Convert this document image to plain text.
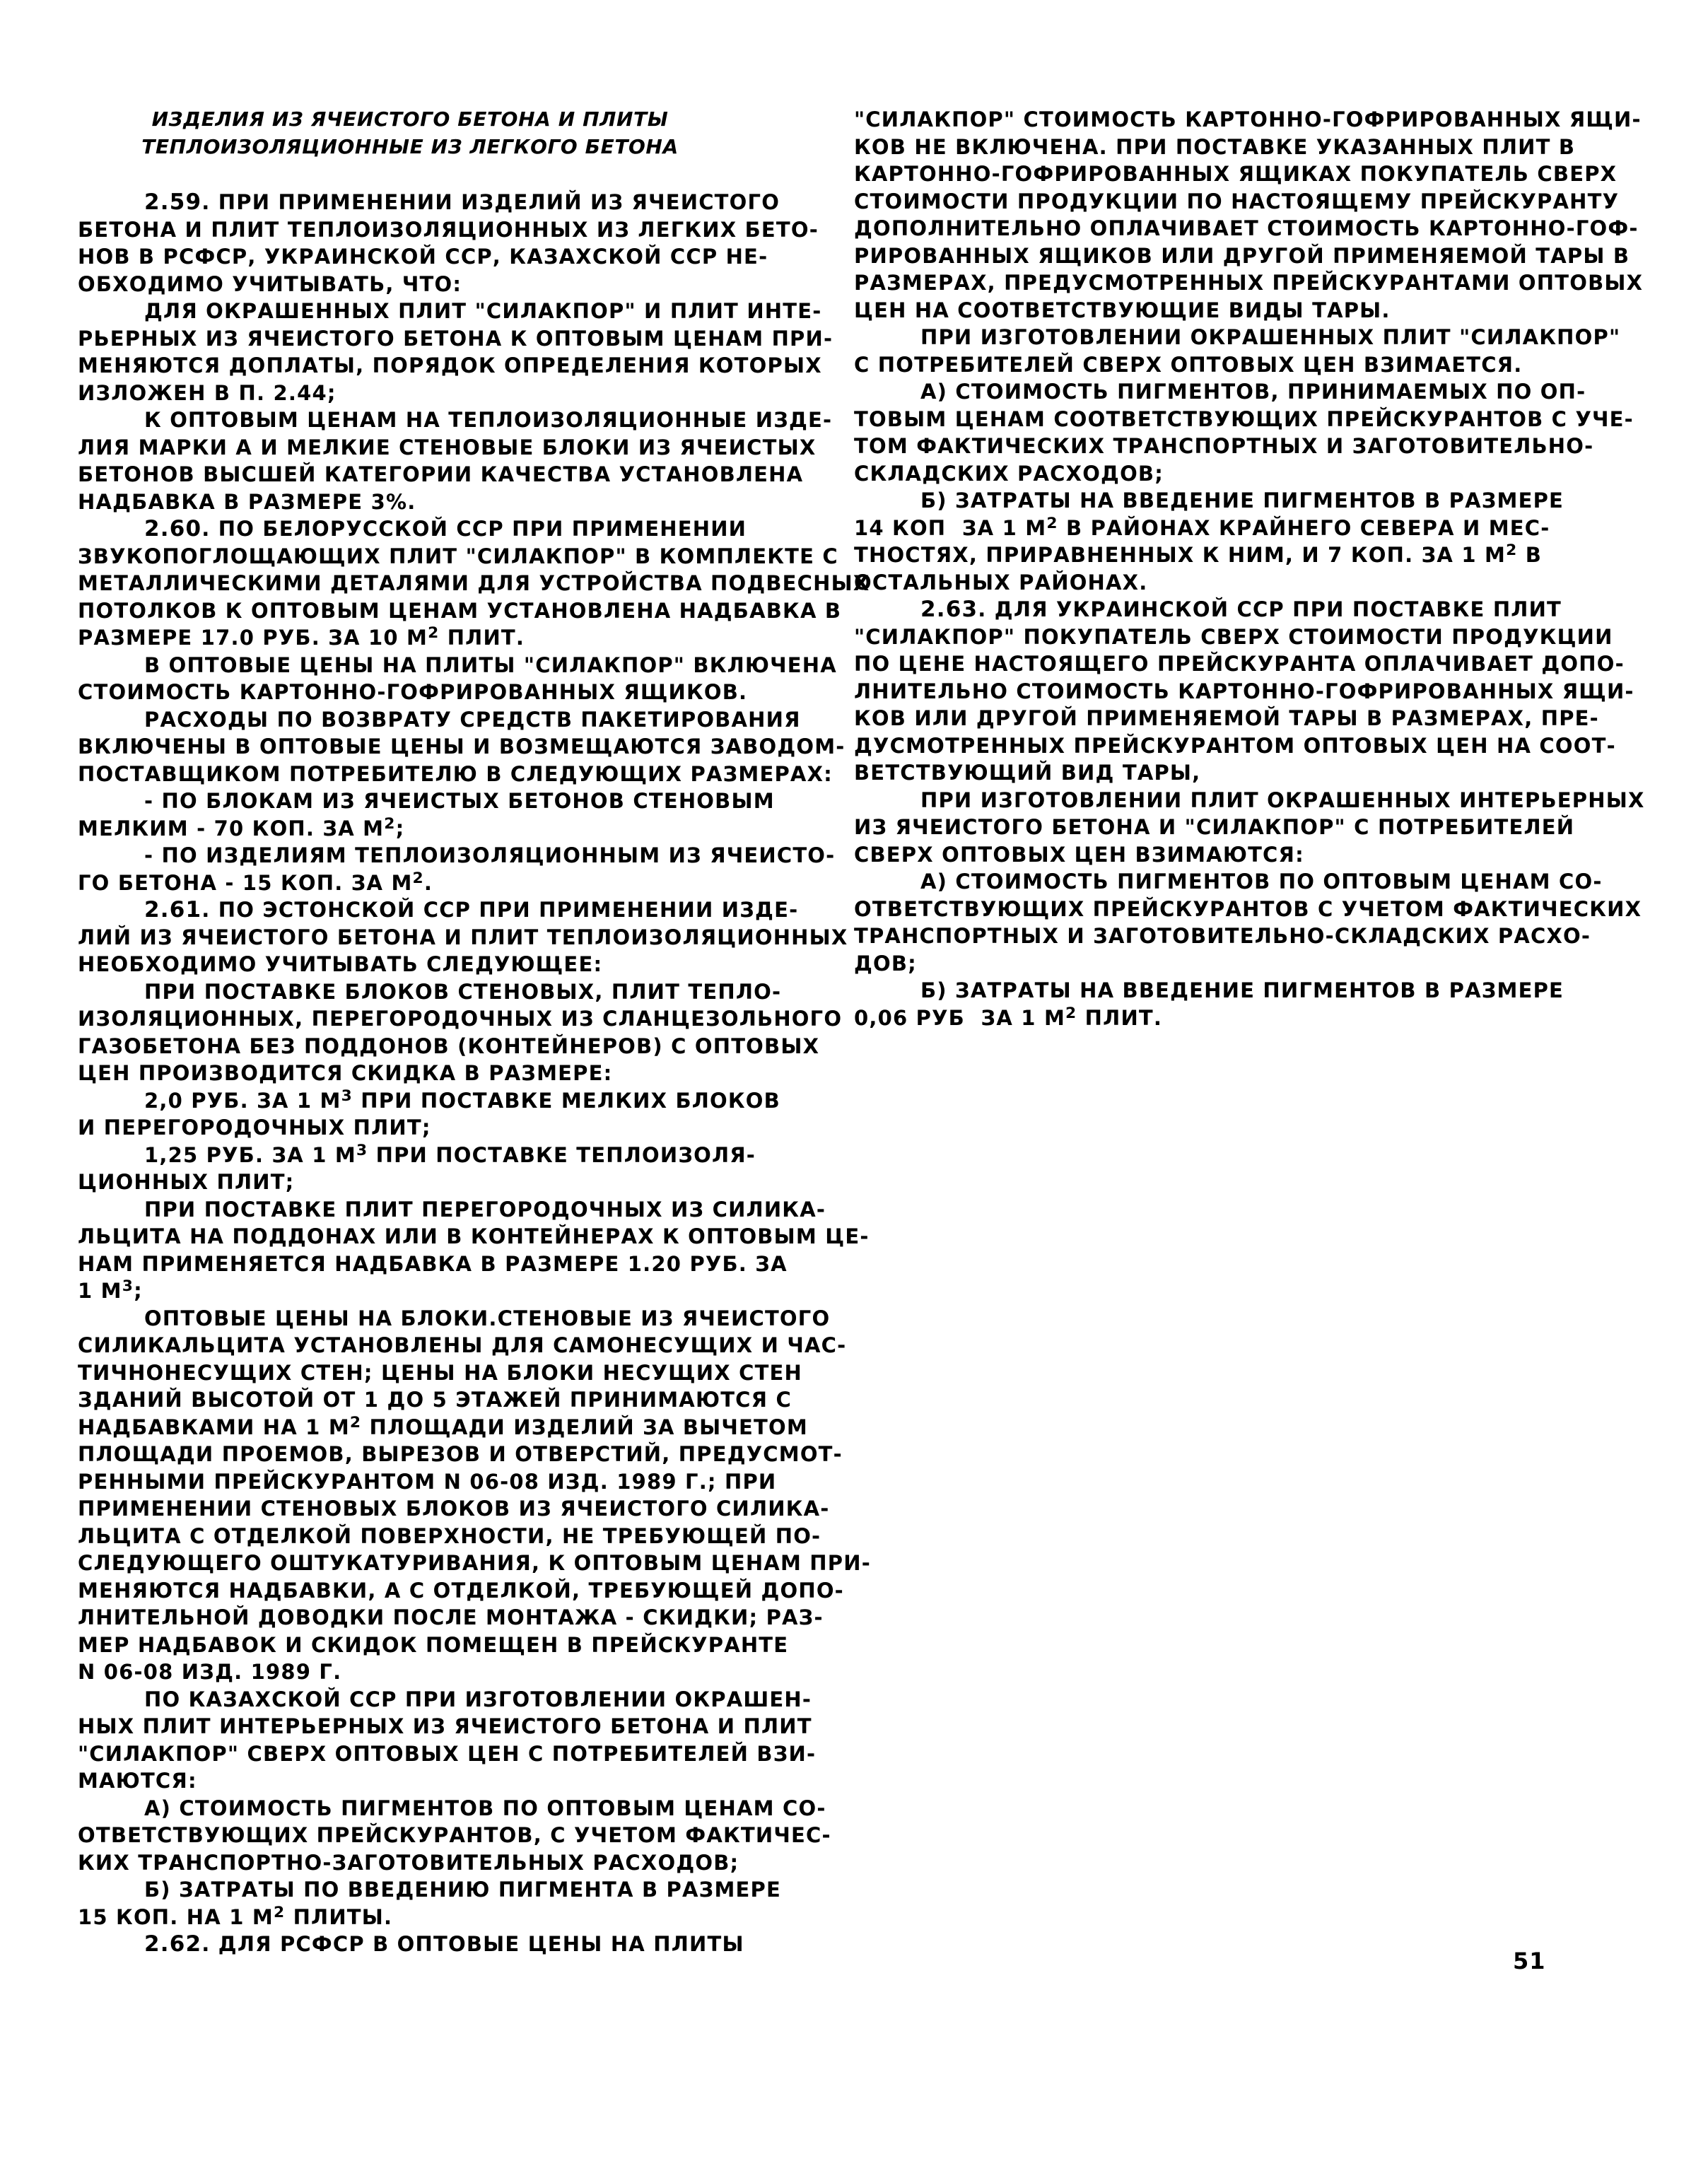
ИЗДЕЛИЯ ИЗ ЯЧЕИСТОГО БЕТОНА И ПЛИТЫ
ТЕПЛОИЗОЛЯЦИОННЫЕ ИЗ ЛЕГКОГО БЕТОНА
2.59. ПРИ ПРИМЕНЕНИИ ИЗДЕЛИЙ ИЗ ЯЧЕИСТОГО
БЕТОНА И ПЛИТ ТЕПЛОИЗОЛЯЦИОННЫХ ИЗ ЛЕГКИХ БЕТО-
НОВ В РСФСР, УКРАИНСКОЙ ССР, КАЗАХСКОЙ ССР НЕ-
ОБХОДИМО УЧИТЫВАТЬ, ЧТО:
ДЛЯ ОКРАШЕННЫХ ПЛИТ "СИЛАКПОР" И ПЛИТ ИНТЕ-
РЬЕРНЫХ ИЗ ЯЧЕИСТОГО БЕТОНА К ОПТОВЫМ ЦЕНАМ ПРИ-
МЕНЯЮТСЯ ДОПЛАТЫ, ПОРЯДОК ОПРЕДЕЛЕНИЯ КОТОРЫХ
ИЗЛОЖЕН В П. 2.44;
К ОПТОВЫМ ЦЕНАМ НА ТЕПЛОИЗОЛЯЦИОННЫЕ ИЗДЕ-
ЛИЯ МАРКИ А И МЕЛКИЕ СТЕНОВЫЕ БЛОКИ ИЗ ЯЧЕИСТЫХ
БЕТОНОВ ВЫСШЕЙ КАТЕГОРИИ КАЧЕСТВА УСТАНОВЛЕНА
НАДБАВКА В РАЗМЕРЕ 3%.
2.60. ПО БЕЛОРУССКОЙ ССР ПРИ ПРИМЕНЕНИИ
ЗВУКОПОГЛОЩАЮЩИХ ПЛИТ "СИЛАКПОР" В КОМПЛЕКТЕ С
МЕТАЛЛИЧЕСКИМИ ДЕТАЛЯМИ ДЛЯ УСТРОЙСТВА ПОДВЕСНЫХ
ПОТОЛКОВ К ОПТОВЫМ ЦЕНАМ УСТАНОВЛЕНА НАДБАВКА В
РАЗМЕРЕ 17.0 РУБ. ЗА 10 $М^2$ ПЛИТ.
В ОПТОВЫЕ ЦЕНЫ НА ПЛИТЫ "СИЛАКПОР" ВКЛЮЧЕНА
СТОИМОСТЬ КАРТОННО-ГОФРИРОВАННЫХ ЯЩИКОВ.
РАСХОДЫ ПО ВОЗВРАТУ СРЕДСТВ ПАКЕТИРОВАНИЯ
ВКЛЮЧЕНЫ В ОПТОВЫЕ ЦЕНЫ И ВОЗМЕЩАЮТСЯ ЗАВОДОМ-
ПОСТАВЩИКОМ ПОТРЕБИТЕЛЮ В СЛЕДУЮЩИХ РАЗМЕРАХ:
- ПО БЛОКАМ ИЗ ЯЧЕИСТЫХ БЕТОНОВ СТЕНОВЫМ
МЕЛКИМ - 70 КОП. ЗА $М^2$;
- ПО ИЗДЕЛИЯМ ТЕПЛОИЗОЛЯЦИОННЫМ ИЗ ЯЧЕИСТО-
ГО БЕТОНА - 15 КОП. ЗА $М^2$.
2.61. ПО ЭСТОНСКОЙ ССР ПРИ ПРИМЕНЕНИИ ИЗДЕ-
ЛИЙ ИЗ ЯЧЕИСТОГО БЕТОНА И ПЛИТ ТЕПЛОИЗОЛЯЦИОННЫХ
НЕОБХОДИМО УЧИТЫВАТЬ СЛЕДУЮЩЕЕ:
ПРИ ПОСТАВКЕ БЛОКОВ СТЕНОВЫХ, ПЛИТ ТЕПЛО-
ИЗОЛЯЦИОННЫХ, ПЕРЕГОРОДОЧНЫХ ИЗ СЛАНЦЕЗОЛЬНОГО
ГАЗОБЕТОНА БЕЗ ПОДДОНОВ (КОНТЕЙНЕРОВ) С ОПТОВЫХ
ЦЕН ПРОИЗВОДИТСЯ СКИДКА В РАЗМЕРЕ:
2,0 РУБ. ЗА 1 $М^3$ ПРИ ПОСТАВКЕ МЕЛКИХ БЛОКОВ
И ПЕРЕГОРОДОЧНЫХ ПЛИТ;
1,25 РУБ. ЗА 1 $М^3$ ПРИ ПОСТАВКЕ ТЕПЛОИЗОЛЯ-
ЦИОННЫХ ПЛИТ;
ПРИ ПОСТАВКЕ ПЛИТ ПЕРЕГОРОДОЧНЫХ ИЗ СИЛИКА-
ЛЬЦИТА НА ПОДДОНАХ ИЛИ В КОНТЕЙНЕРАХ К ОПТОВЫМ ЦЕ-
НАМ ПРИМЕНЯЕТСЯ НАДБАВКА В РАЗМЕРЕ 1.20 РУБ. ЗА
1 $М^3$;
ОПТОВЫЕ ЦЕНЫ НА БЛОКИ.СТЕНОВЫЕ ИЗ ЯЧЕИСТОГО
СИЛИКАЛЬЦИТА УСТАНОВЛЕНЫ ДЛЯ САМОНЕСУЩИХ И ЧАС-
ТИЧНОНЕСУЩИХ СТЕН; ЦЕНЫ НА БЛОКИ НЕСУЩИХ СТЕН
ЗДАНИЙ ВЫСОТОЙ ОТ 1 ДО 5 ЭТАЖЕЙ ПРИНИМАЮТСЯ С
НАДБАВКАМИ НА 1 $М^2$ ПЛОЩАДИ ИЗДЕЛИЙ ЗА ВЫЧЕТОМ
ПЛОЩАДИ ПРОЕМОВ, ВЫРЕЗОВ И ОТВЕРСТИЙ, ПРЕДУСМОТ-
РЕННЫМИ ПРЕЙСКУРАНТОМ N 06-08 ИЗД. 1989 Г.; ПРИ
ПРИМЕНЕНИИ СТЕНОВЫХ БЛОКОВ ИЗ ЯЧЕИСТОГО СИЛИКА-
ЛЬЦИТА С ОТДЕЛКОЙ ПОВЕРХНОСТИ, НЕ ТРЕБУЮЩЕЙ ПО-
СЛЕДУЮЩЕГО ОШТУКАТУРИВАНИЯ, К ОПТОВЫМ ЦЕНАМ ПРИ-
МЕНЯЮТСЯ НАДБАВКИ, А С ОТДЕЛКОЙ, ТРЕБУЮЩЕЙ ДОПО-
ЛНИТЕЛЬНОЙ ДОВОДКИ ПОСЛЕ МОНТАЖА - СКИДКИ; РАЗ-
МЕР НАДБАВОК И СКИДОК ПОМЕЩЕН В ПРЕЙСКУРАНТЕ
N 06-08 ИЗД. 1989 Г.
ПО КАЗАХСКОЙ ССР ПРИ ИЗГОТОВЛЕНИИ ОКРАШЕН-
НЫХ ПЛИТ ИНТЕРЬЕРНЫХ ИЗ ЯЧЕИСТОГО БЕТОНА И ПЛИТ
"СИЛАКПОР" СВЕРХ ОПТОВЫХ ЦЕН С ПОТРЕБИТЕЛЕЙ ВЗИ-
МАЮТСЯ:
А) СТОИМОСТЬ ПИГМЕНТОВ ПО ОПТОВЫМ ЦЕНАМ СО-
ОТВЕТСТВУЮЩИХ ПРЕЙСКУРАНТОВ, С УЧЕТОМ ФАКТИЧЕС-
КИХ ТРАНСПОРТНО-ЗАГОТОВИТЕЛЬНЫХ РАСХОДОВ;
Б) ЗАТРАТЫ ПО ВВЕДЕНИЮ ПИГМЕНТА В РАЗМЕРЕ
15 КОП. НА 1 $М^2$ ПЛИТЫ.
2.62. ДЛЯ РСФСР В ОПТОВЫЕ ЦЕНЫ НА ПЛИТЫ
"СИЛАКПОР" СТОИМОСТЬ КАРТОННО-ГОФРИРОВАННЫХ ЯЩИ-
КОВ НЕ ВКЛЮЧЕНА. ПРИ ПОСТАВКЕ УКАЗАННЫХ ПЛИТ В
КАРТОННО-ГОФРИРОВАННЫХ ЯЩИКАХ ПОКУПАТЕЛЬ СВЕРХ
СТОИМОСТИ ПРОДУКЦИИ ПО НАСТОЯЩЕМУ ПРЕЙСКУРАНТУ
ДОПОЛНИТЕЛЬНО ОПЛАЧИВАЕТ СТОИМОСТЬ КАРТОННО-ГОФ-
РИРОВАННЫХ ЯЩИКОВ ИЛИ ДРУГОЙ ПРИМЕНЯЕМОЙ ТАРЫ В
РАЗМЕРАХ, ПРЕДУСМОТРЕННЫХ ПРЕЙСКУРАНТАМИ ОПТОВЫХ
ЦЕН НА СООТВЕТСТВУЮЩИЕ ВИДЫ ТАРЫ.
ПРИ ИЗГОТОВЛЕНИИ ОКРАШЕННЫХ ПЛИТ "СИЛАКПОР"
С ПОТРЕБИТЕЛЕЙ СВЕРХ ОПТОВЫХ ЦЕН ВЗИМАЕТСЯ.
А) СТОИМОСТЬ ПИГМЕНТОВ, ПРИНИМАЕМЫХ ПО ОП-
ТОВЫМ ЦЕНАМ СООТВЕТСТВУЮЩИХ ПРЕЙСКУРАНТОВ С УЧЕ-
ТОМ ФАКТИЧЕСКИХ ТРАНСПОРТНЫХ И ЗАГОТОВИТЕЛЬНО-
СКЛАДСКИХ РАСХОДОВ;
Б) ЗАТРАТЫ НА ВВЕДЕНИЕ ПИГМЕНТОВ В РАЗМЕРЕ
14 КОП  ЗА 1 $М^2$ В РАЙОНАХ КРАЙНЕГО СЕВЕРА И МЕС-
ТНОСТЯХ, ПРИРАВНЕННЫХ К НИМ, И 7 КОП. ЗА 1 $М^2$ В
ОСТАЛЬНЫХ РАЙОНАХ.
2.63. ДЛЯ УКРАИНСКОЙ ССР ПРИ ПОСТАВКЕ ПЛИТ
"СИЛАКПОР" ПОКУПАТЕЛЬ СВЕРХ СТОИМОСТИ ПРОДУКЦИИ
ПО ЦЕНЕ НАСТОЯЩЕГО ПРЕЙСКУРАНТА ОПЛАЧИВАЕТ ДОПО-
ЛНИТЕЛЬНО СТОИМОСТЬ КАРТОННО-ГОФРИРОВАННЫХ ЯЩИ-
КОВ ИЛИ ДРУГОЙ ПРИМЕНЯЕМОЙ ТАРЫ В РАЗМЕРАХ, ПРЕ-
ДУСМОТРЕННЫХ ПРЕЙСКУРАНТОМ ОПТОВЫХ ЦЕН НА СООТ-
ВЕТСТВУЮЩИЙ ВИД ТАРЫ,
ПРИ ИЗГОТОВЛЕНИИ ПЛИТ ОКРАШЕННЫХ ИНТЕРЬЕРНЫХ
ИЗ ЯЧЕИСТОГО БЕТОНА И "СИЛАКПОР" С ПОТРЕБИТЕЛЕЙ
СВЕРХ ОПТОВЫХ ЦЕН ВЗИМАЮТСЯ:
А) СТОИМОСТЬ ПИГМЕНТОВ ПО ОПТОВЫМ ЦЕНАМ СО-
ОТВЕТСТВУЮЩИХ ПРЕЙСКУРАНТОВ С УЧЕТОМ ФАКТИЧЕСКИХ
ТРАНСПОРТНЫХ И ЗАГОТОВИТЕЛЬНО-СКЛАДСКИХ РАСХО-
ДОВ;
Б) ЗАТРАТЫ НА ВВЕДЕНИЕ ПИГМЕНТОВ В РАЗМЕРЕ
0,06 РУБ  ЗА 1 $М^2$ ПЛИТ.
51
